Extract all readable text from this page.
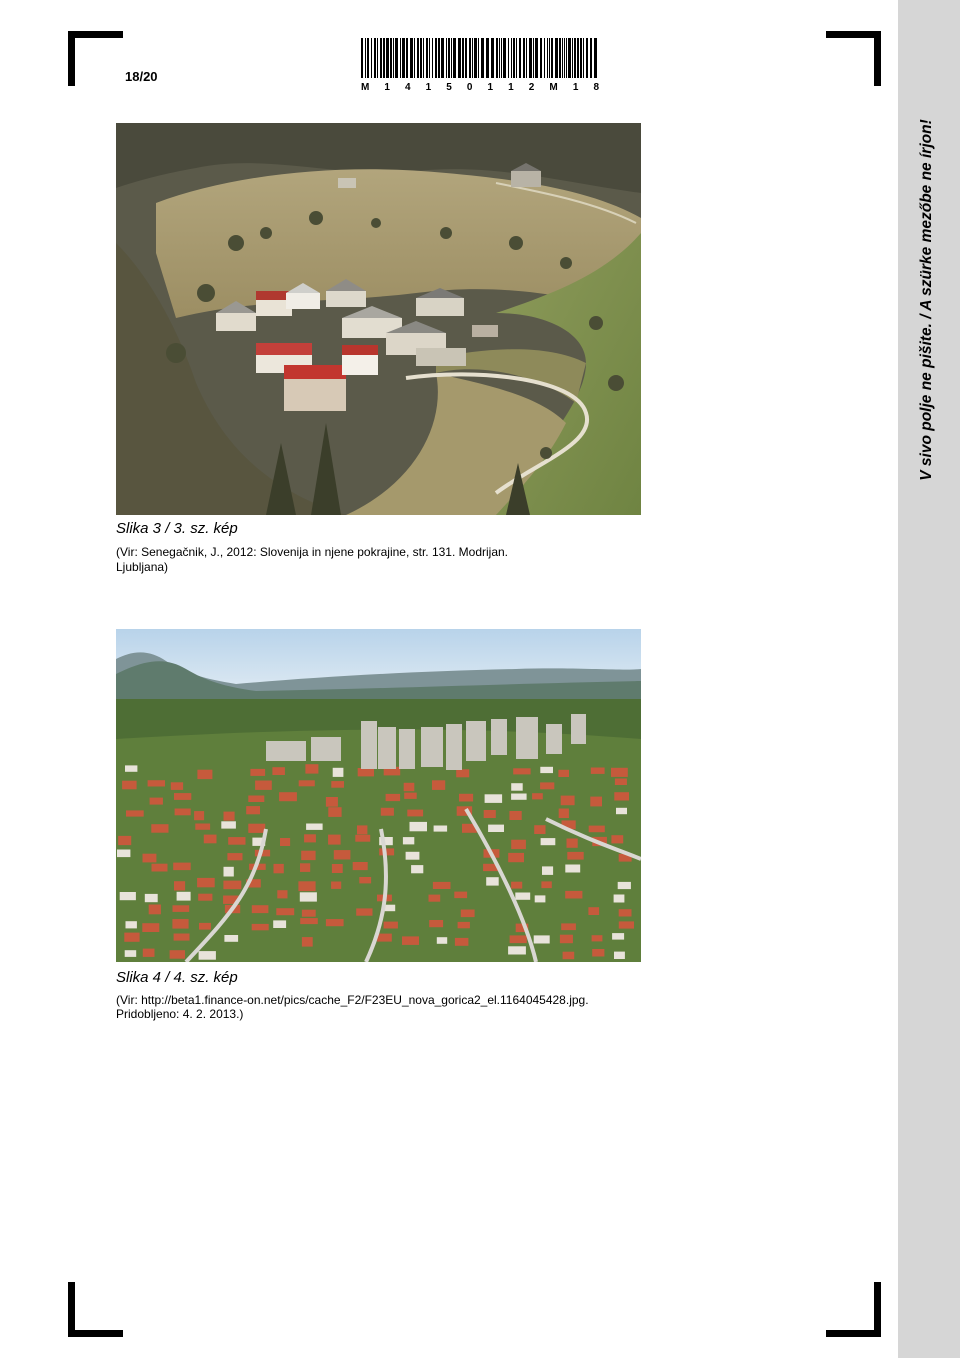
18/20
M 1 4 1 5 0 1 1 2 M 1 8
V sivo polje ne pišite. / A szürke mezőbe ne írjon!
Slika 3 / 3. sz. kép
(Vir: Senegačnik, J., 2012: Slovenija in njene pokrajine, str. 131. Modrijan.
Ljubljana)
Slika 4 / 4. sz. kép
(Vir: http://beta1.finance-on.net/pics/cache_F2/F23EU_nova_gorica2_el.1164045428.jpg.
Pridobljeno: 4. 2. 2013.)
